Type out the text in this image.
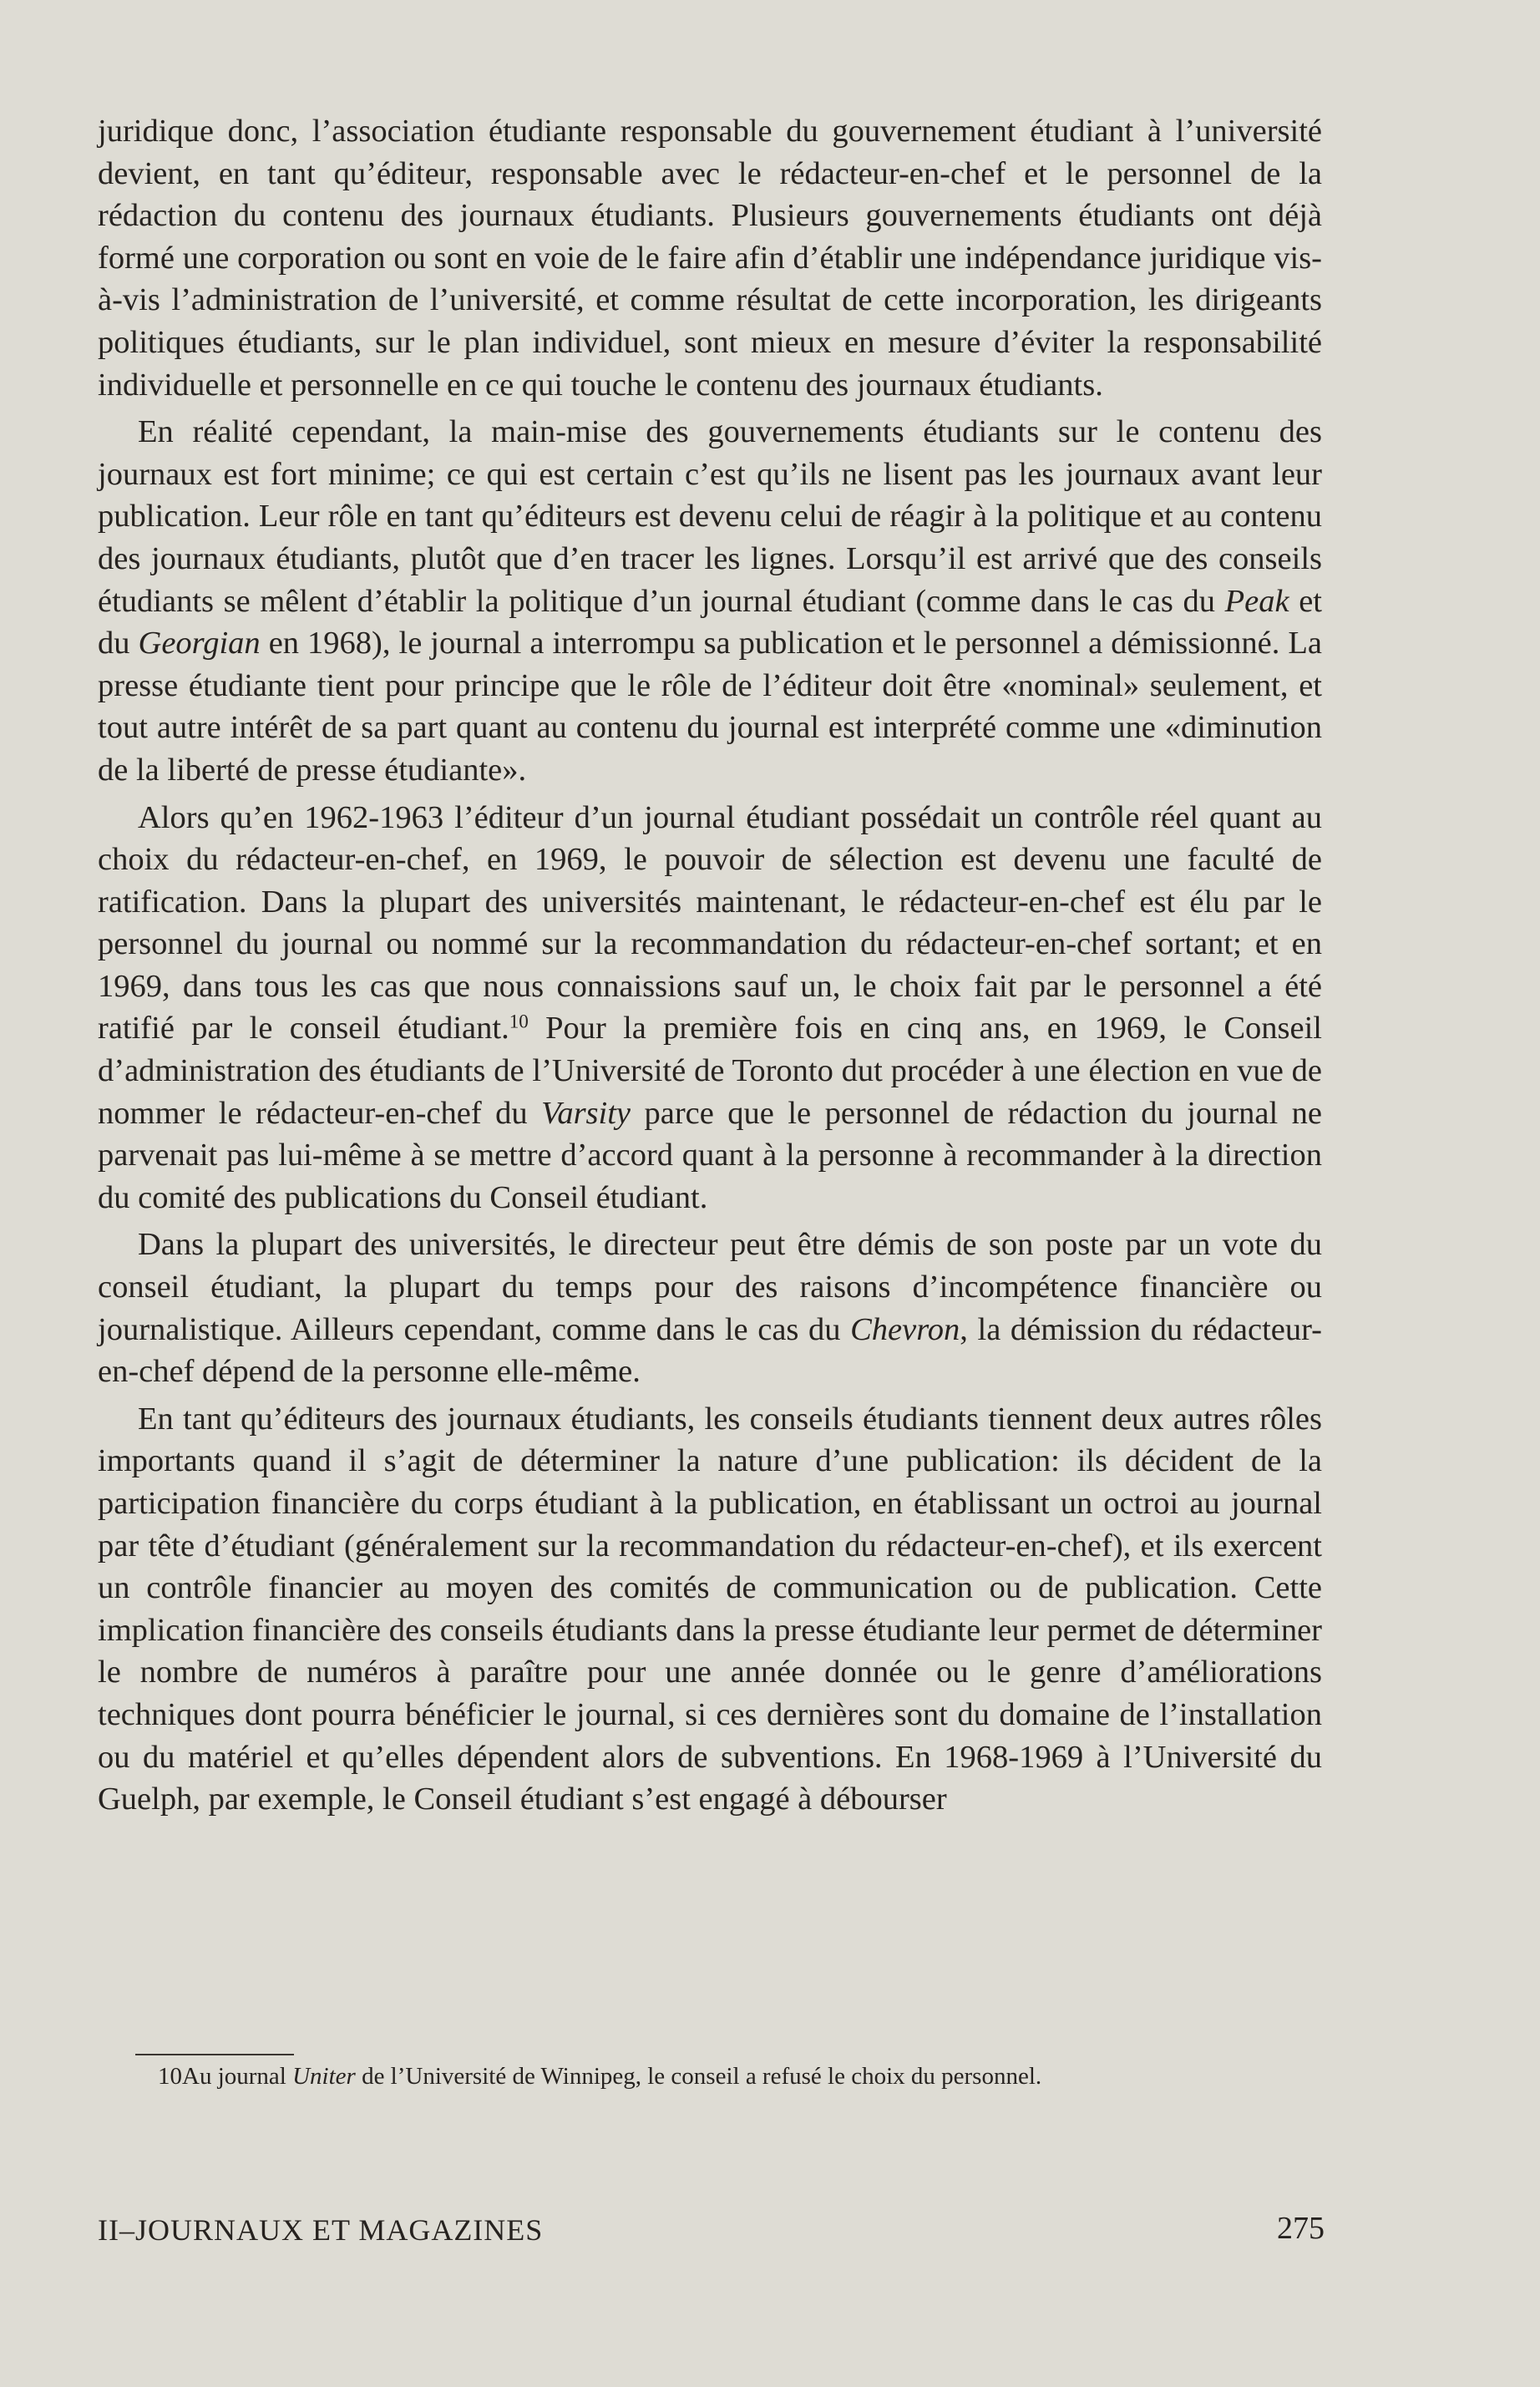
juridique donc, l’association étudiante responsable du gouvernement étudiant à l’université devient, en tant qu’éditeur, responsable avec le rédacteur-en-chef et le personnel de la rédaction du contenu des journaux étudiants. Plusieurs gouvernements étudiants ont déjà formé une corporation ou sont en voie de le faire afin d’établir une indépendance juridique vis-à-vis l’administration de l’université, et comme résultat de cette incorporation, les dirigeants politiques étudiants, sur le plan individuel, sont mieux en mesure d’éviter la responsabilité individuelle et personnelle en ce qui touche le contenu des journaux étudiants.

En réalité cependant, la main-mise des gouvernements étudiants sur le contenu des journaux est fort minime; ce qui est certain c’est qu’ils ne lisent pas les journaux avant leur publication. Leur rôle en tant qu’éditeurs est devenu celui de réagir à la politique et au contenu des journaux étudiants, plutôt que d’en tracer les lignes. Lorsqu’il est arrivé que des conseils étudiants se mêlent d’établir la politique d’un journal étudiant (comme dans le cas du Peak et du Georgian en 1968), le journal a interrompu sa publication et le personnel a démissionné. La presse étudiante tient pour principe que le rôle de l’éditeur doit être «nominal» seulement, et tout autre intérêt de sa part quant au contenu du journal est interprété comme une «diminution de la liberté de presse étudiante».

Alors qu’en 1962-1963 l’éditeur d’un journal étudiant possédait un contrôle réel quant au choix du rédacteur-en-chef, en 1969, le pouvoir de sélection est devenu une faculté de ratification. Dans la plupart des universités maintenant, le rédacteur-en-chef est élu par le personnel du journal ou nommé sur la recommandation du rédacteur-en-chef sortant; et en 1969, dans tous les cas que nous connaissions sauf un, le choix fait par le personnel a été ratifié par le conseil étudiant.$^{10}$ Pour la première fois en cinq ans, en 1969, le Conseil d’administration des étudiants de l’Université de Toronto dut procéder à une élection en vue de nommer le rédacteur-en-chef du Varsity parce que le personnel de rédaction du journal ne parvenait pas lui-même à se mettre d’accord quant à la personne à recommander à la direction du comité des publications du Conseil étudiant.

Dans la plupart des universités, le directeur peut être démis de son poste par un vote du conseil étudiant, la plupart du temps pour des raisons d’incompétence financière ou journalistique. Ailleurs cependant, comme dans le cas du Chevron, la démission du rédacteur-en-chef dépend de la personne elle-même.

En tant qu’éditeurs des journaux étudiants, les conseils étudiants tiennent deux autres rôles importants quand il s’agit de déterminer la nature d’une publication: ils décident de la participation financière du corps étudiant à la publication, en établissant un octroi au journal par tête d’étudiant (généralement sur la recommandation du rédacteur-en-chef), et ils exercent un contrôle financier au moyen des comités de communication ou de publication. Cette implication financière des conseils étudiants dans la presse étudiante leur permet de déterminer le nombre de numéros à paraître pour une année donnée ou le genre d’améliorations techniques dont pourra bénéficier le journal, si ces dernières sont du domaine de l’installation ou du matériel et qu’elles dépendent alors de subventions. En 1968-1969 à l’Université du Guelph, par exemple, le Conseil étudiant s’est engagé à débourser

10Au journal Uniter de l’Université de Winnipeg, le conseil a refusé le choix du personnel.
II–JOURNAUX ET MAGAZINES	275
